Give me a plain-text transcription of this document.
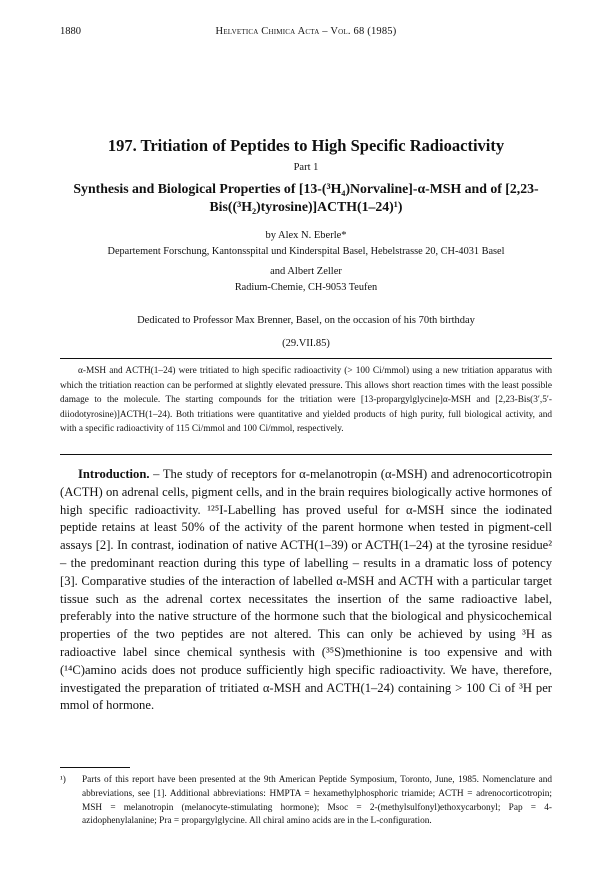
1880	Helvetica Chimica Acta – Vol. 68 (1985)
197. Tritiation of Peptides to High Specific Radioactivity
Part 1
Synthesis and Biological Properties of [13-(³H₄)Norvaline]-α-MSH and of [2,23-Bis((³H₂)tyrosine)]ACTH(1–24)¹)
by Alex N. Eberle*
Departement Forschung, Kantonsspital und Kinderspital Basel, Hebelstrasse 20, CH-4031 Basel
and Albert Zeller
Radium-Chemie, CH-9053 Teufen
Dedicated to Professor Max Brenner, Basel, on the occasion of his 70th birthday
(29.VII.85)

α-MSH and ACTH(1–24) were tritiated to high specific radioactivity (> 100 Ci/mmol) using a new tritiation apparatus with which the tritiation reaction can be performed at slightly elevated pressure. This allows short reaction times with the least possible damage to the molecule. The starting compounds for the tritiation were [13-propargylglycine]α-MSH and [2,23-Bis(3′,5′-diiodotyrosine)]ACTH(1–24). Both tritiations were quantitative and yielded products of high purity, full biological activity, and with a specific radioactivity of 115 Ci/mmol and 100 Ci/mmol, respectively.

Introduction. – The study of receptors for α-melanotropin (α-MSH) and adrenocorticotropin (ACTH) on adrenal cells, pigment cells, and in the brain requires biologically active hormones of high specific radioactivity. ¹²⁵I-Labelling has proved useful for α-MSH since the iodinated peptide retains at least 50% of the activity of the parent hormone when tested in pigment-cell assays [2]. In contrast, iodination of native ACTH(1–39) or ACTH(1–24) at the tyrosine residue² – the predominant reaction during this type of labelling – results in a dramatic loss of potency [3]. Comparative studies of the interaction of labelled α-MSH and ACTH with a particular target tissue such as the adrenal cortex necessitates the insertion of the same radioactive label, preferably into the native structure of the hormone such that the biological and physicochemical properties of the two peptides are not altered. This can only be achieved by using ³H as radioactive label since chemical synthesis with (³⁵S)methionine is too expensive and with (¹⁴C)amino acids does not produce sufficiently high specific radioactivity. We have, therefore, investigated the preparation of tritiated α-MSH and ACTH(1–24) containing > 100 Ci of ³H per mmol of hormone.

¹) Parts of this report have been presented at the 9th American Peptide Symposium, Toronto, June, 1985. Nomenclature and abbreviations, see [1]. Additional abbreviations: HMPTA = hexamethylphosphoric triamide; ACTH = adrenocorticotropin; MSH = melanotropin (melanocyte-stimulating hormone); Msoc = 2-(methylsulfonyl)ethoxycarbonyl; Pap = 4-azidophenylalanine; Pra = propargylglycine. All chiral amino acids are in the L-configuration.
